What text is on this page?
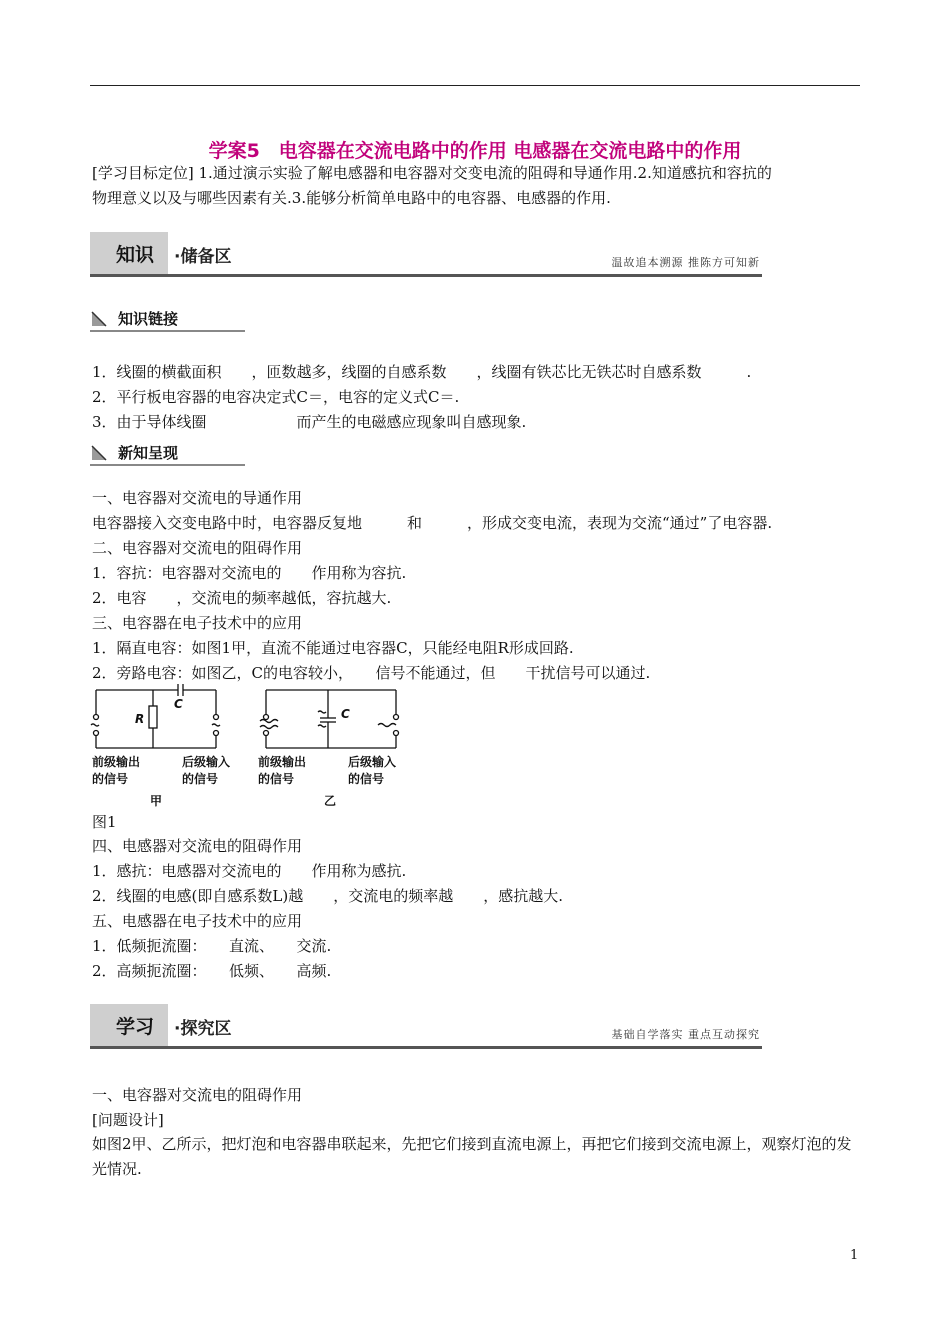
学案5　电容器在交流电路中的作用 电感器在交流电路中的作用
[学习目标定位] 1.通过演示实验了解电感器和电容器对交变电流的阻碍和导通作用.2.知道感抗和容抗的
物理意义以及与哪些因素有关.3.能够分析简单电路中的电容器、电感器的作用.
知识 ·储备区	温故追本溯源 推陈方可知新
知识链接
1．线圈的横截面积　　，匝数越多，线圈的自感系数　　，线圈有铁芯比无铁芯时自感系数　　　.
2．平行板电容器的电容决定式C＝，电容的定义式C＝.
3．由于导体线圈　　　　　　而产生的电磁感应现象叫自感现象.
新知呈现
一、电容器对交流电的导通作用
电容器接入交变电路中时，电容器反复地　　　和　　　，形成交变电流，表现为交流“通过”了电容器.
二、电容器对交流电的阻碍作用
1．容抗：电容器对交流电的　　作用称为容抗.
2．电容　　，交流电的频率越低，容抗越大.
三、电容器在电子技术中的应用
1．隔直电容：如图1甲，直流不能通过电容器C，只能经电阻R形成回路.
2．旁路电容：如图乙，C的电容较小，　　信号不能通过，但　　干扰信号可以通过.
R
C
C
前级输出
的信号
后级输入
的信号
前级输出
的信号
后级输入
的信号
甲	乙
图1
四、电感器对交流电的阻碍作用
1．感抗：电感器对交流电的　　作用称为感抗.
2．线圈的电感(即自感系数L)越　　，交流电的频率越　　，感抗越大.
五、电感器在电子技术中的应用
1．低频扼流圈：　　直流、　　交流.
2．高频扼流圈：　　低频、　　高频.
学习 ·探究区	基础自学落实 重点互动探究
一、电容器对交流电的阻碍作用
[问题设计]
如图2甲、乙所示，把灯泡和电容器串联起来，先把它们接到直流电源上，再把它们接到交流电源上，观察灯泡的发光情况.
1
